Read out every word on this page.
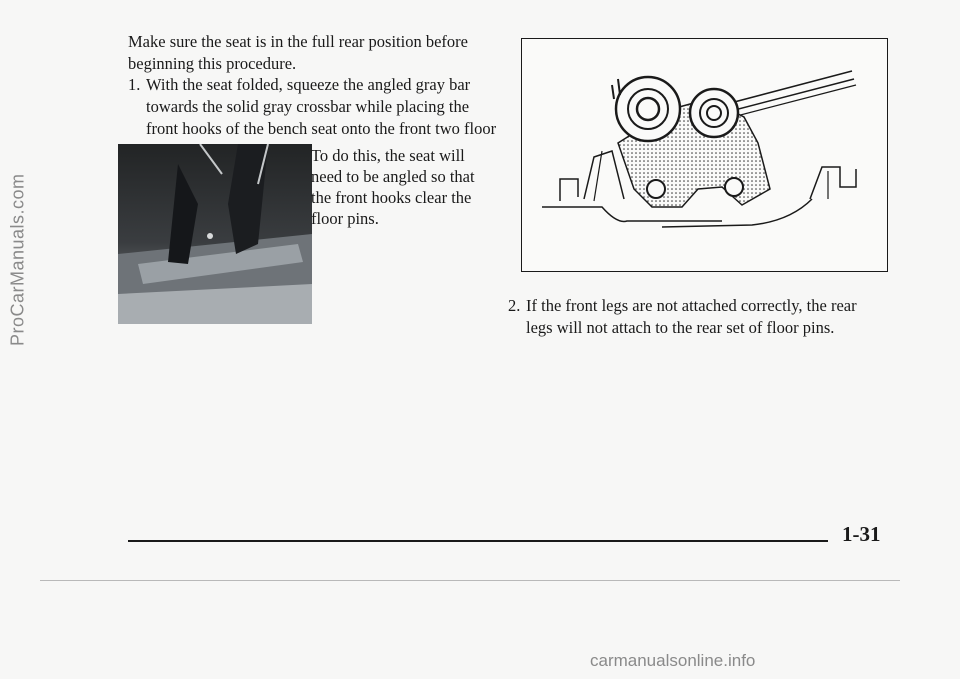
ProCarManuals.com

Make sure the seat is in the full rear position before beginning this procedure.

1. With the seat folded, squeeze the angled gray bar towards the solid gray crossbar while placing the front hooks of the bench seat onto the front two floor

To do this, the seat will need to be angled so that the front hooks clear the floor pins.

2. If the front legs are not attached correctly, the rear legs will not attach to the rear set of floor pins.
1-31
carmanualsonline.info
